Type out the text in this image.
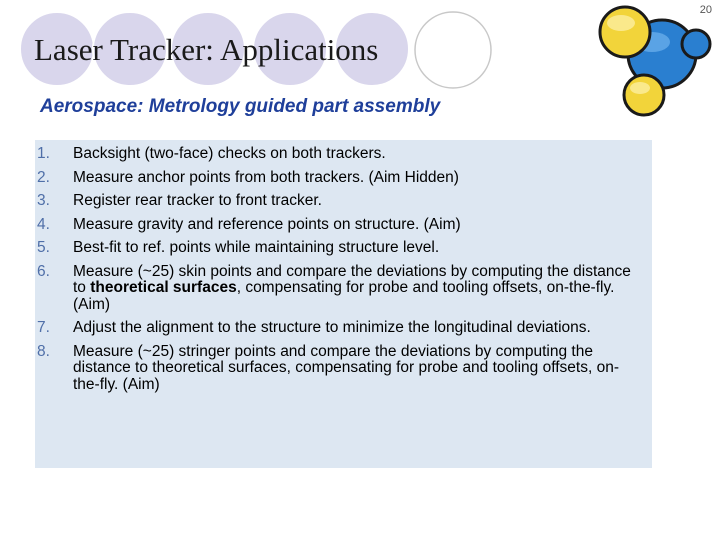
20
Laser Tracker: Applications
Aerospace: Metrology guided part assembly
1.	Backsight (two-face) checks on both trackers.
2.	Measure anchor points from both trackers. (Aim Hidden)
3.	Register rear tracker to front tracker.
4.	Measure gravity and reference points on structure. (Aim)
5.	Best-fit to ref. points while maintaining structure level.
6.	Measure (~25) skin points and compare the deviations by computing the distance to theoretical surfaces, compensating for probe and tooling offsets, on-the-fly. (Aim)
7.	Adjust the alignment to the structure to minimize the longitudinal deviations.
8.	Measure (~25) stringer points and compare the deviations by computing the distance to theoretical surfaces, compensating for probe and tooling offsets, on-the-fly. (Aim)
